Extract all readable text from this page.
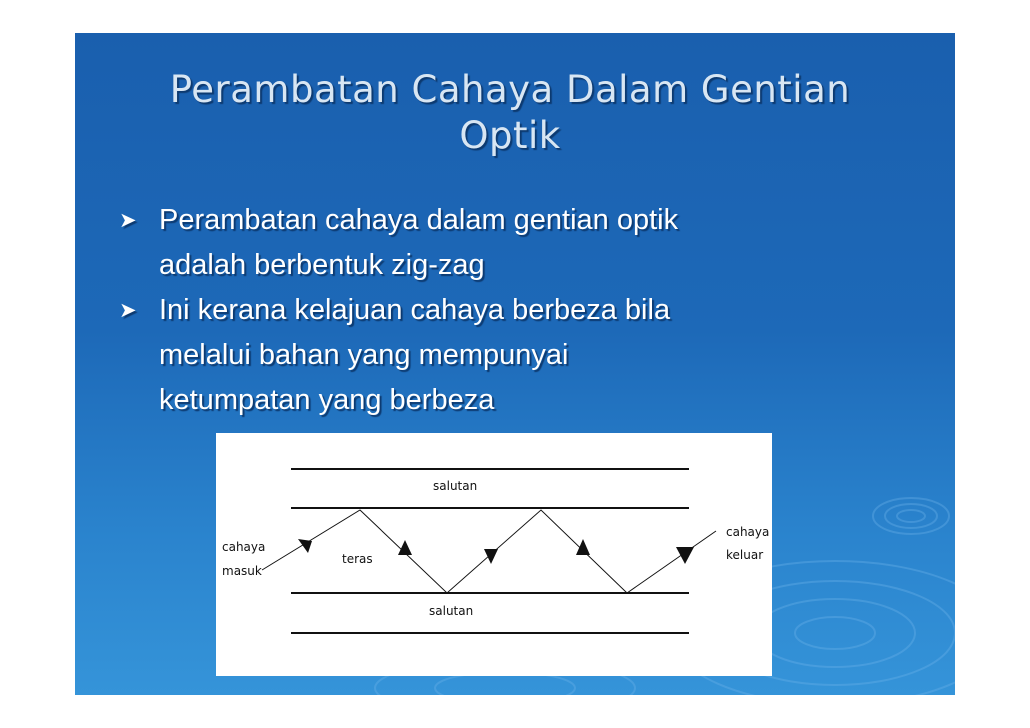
Perambatan Cahaya Dalam Gentian
Optik
➤ Perambatan cahaya dalam gentian optik
adalah berbentuk zig-zag
➤ Ini kerana kelajuan cahaya berbeza bila
melalui bahan yang mempunyai
ketumpatan yang berbeza
salutan
teras
salutan
cahaya
masuk
cahaya
keluar
